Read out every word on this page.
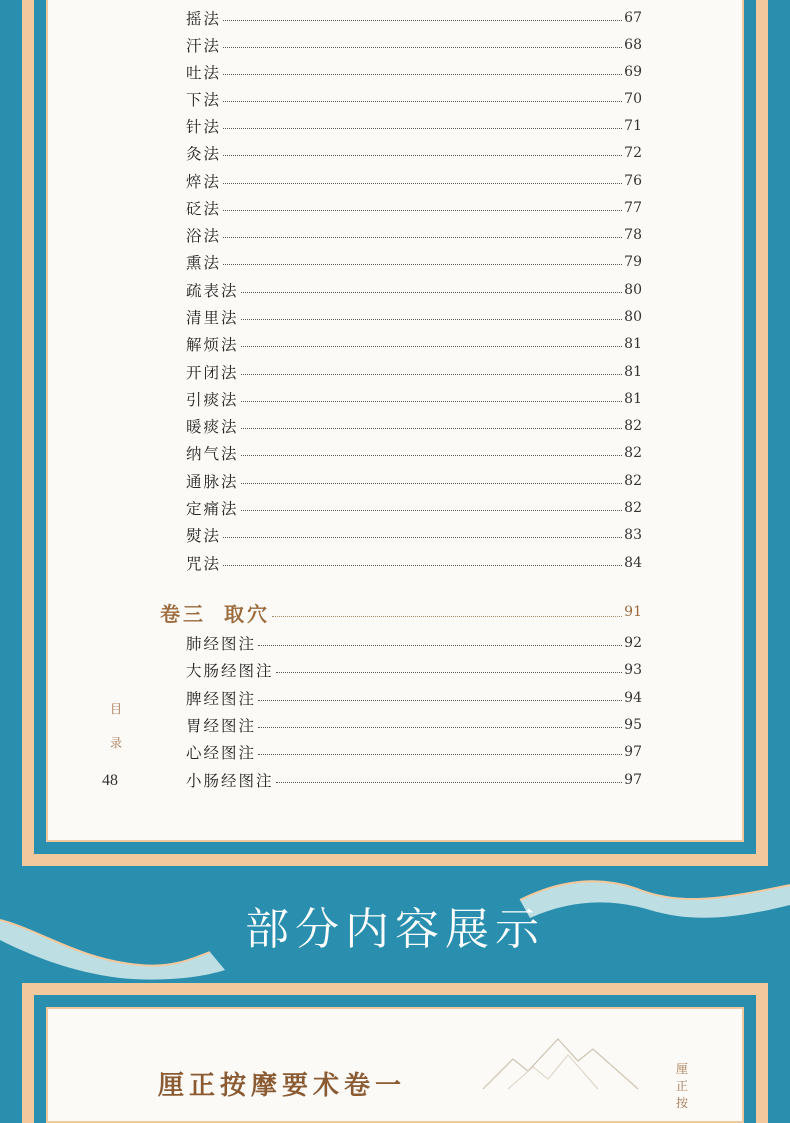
摇法	67
汗法	68
吐法	69
下法	70
针法	71
灸法	72
焠法	76
砭法	77
浴法	78
熏法	79
疏表法	80
清里法	80
解烦法	81
开闭法	81
引痰法	81
暖痰法	82
纳气法	82
通脉法	82
定痛法	82
熨法	83
咒法	84
卷三 取穴	91
肺经图注	92
大肠经图注	93
脾经图注	94
胃经图注	95
心经图注	97
小肠经图注	97
目
录
48
部分内容展示
厘正按摩要术卷一
厘正按
